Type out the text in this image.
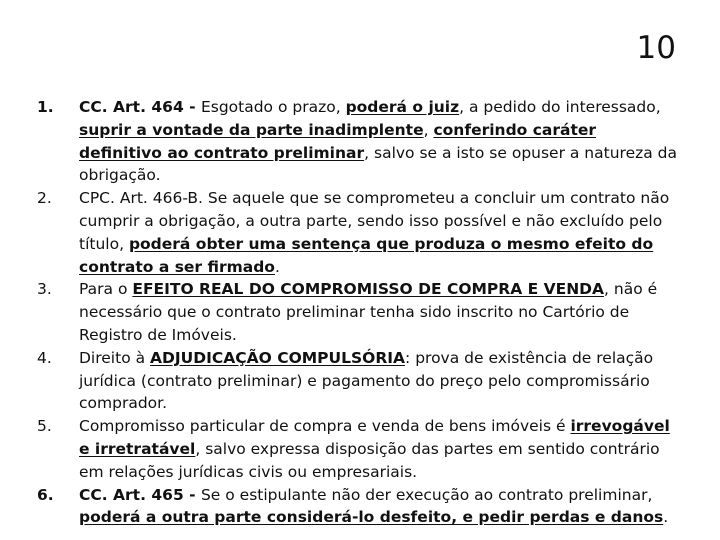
10
1.	CC. Art. 464 - Esgotado o prazo, poderá o juiz, a pedido do interessado, suprir a vontade da parte inadimplente, conferindo caráter definitivo ao contrato preliminar, salvo se a isto se opuser a natureza da obrigação.
2.	CPC. Art. 466-B. Se aquele que se comprometeu a concluir um contrato não cumprir a obrigação, a outra parte, sendo isso possível e não excluído pelo título, poderá obter uma sentença que produza o mesmo efeito do contrato a ser firmado.
3.	Para o EFEITO REAL DO COMPROMISSO DE COMPRA E VENDA, não é necessário que o contrato preliminar tenha sido inscrito no Cartório de Registro de Imóveis.
4.	Direito à ADJUDICAÇÃO COMPULSÓRIA: prova de existência de relação jurídica (contrato preliminar) e pagamento do preço pelo compromissário comprador.
5.	Compromisso particular de compra e venda de bens imóveis é irrevogável e irretratável, salvo expressa disposição das partes em sentido contrário em relações jurídicas civis ou empresariais.
6.	CC. Art. 465 - Se o estipulante não der execução ao contrato preliminar, poderá a outra parte considerá-lo desfeito, e pedir perdas e danos.
